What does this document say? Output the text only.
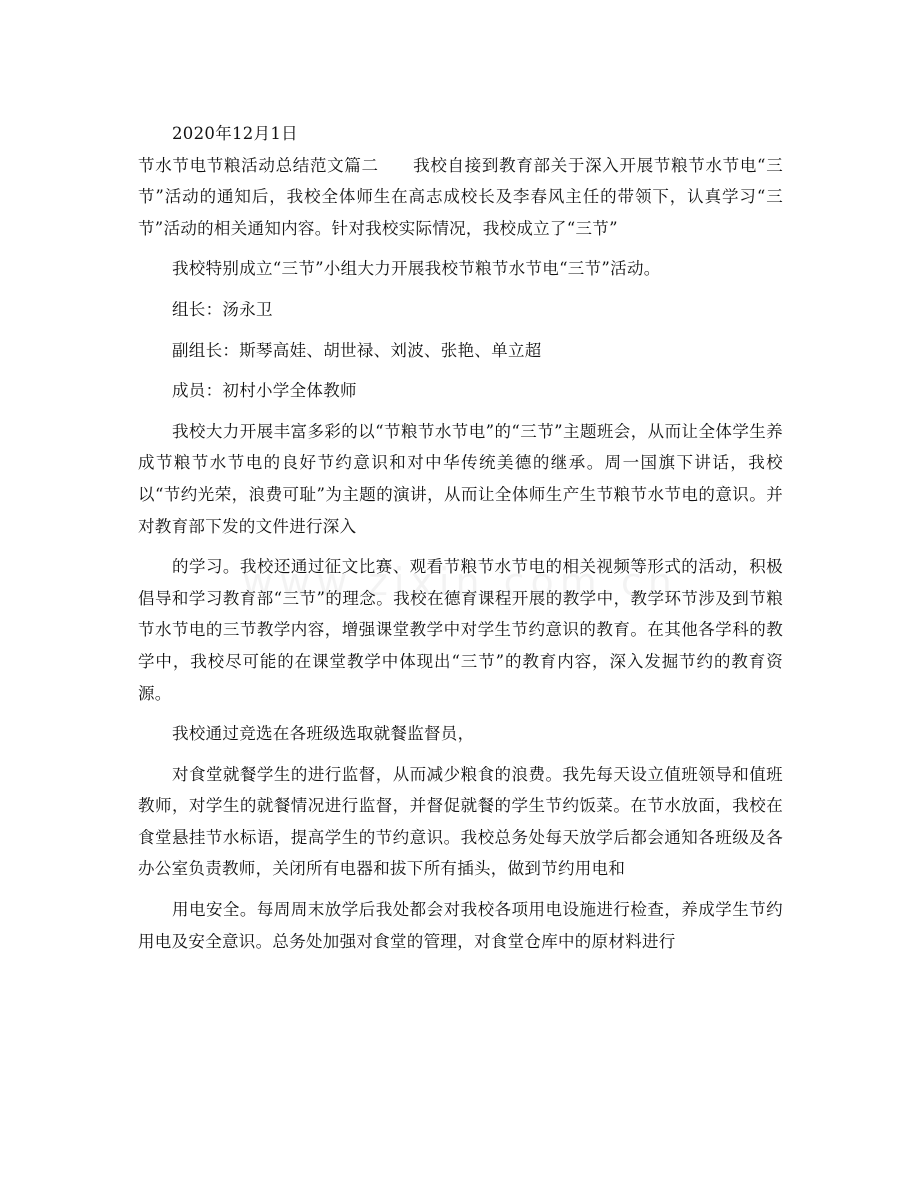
2020年12月1日

节水节电节粮活动总结范文篇二　　我校自接到教育部关于深入开展节粮节水节电“三节”活动的通知后，我校全体师生在高志成校长及李春风主任的带领下，认真学习“三节”活动的相关通知内容。针对我校实际情况，我校成立了“三节”

我校特别成立“三节”小组大力开展我校节粮节水节电“三节”活动。

组长：汤永卫

副组长：斯琴高娃、胡世禄、刘波、张艳、单立超

成员：初村小学全体教师

我校大力开展丰富多彩的以“节粮节水节电”的“三节”主题班会，从而让全体学生养成节粮节水节电的良好节约意识和对中华传统美德的继承。周一国旗下讲话，我校以“节约光荣，浪费可耻”为主题的演讲，从而让全体师生产生节粮节水节电的意识。并对教育部下发的文件进行深入

的学习。我校还通过征文比赛、观看节粮节水节电的相关视频等形式的活动，积极倡导和学习教育部“三节”的理念。我校在德育课程开展的教学中，教学环节涉及到节粮节水节电的三节教学内容，增强课堂教学中对学生节约意识的教育。在其他各学科的教学中，我校尽可能的在课堂教学中体现出“三节”的教育内容，深入发掘节约的教育资源。

我校通过竞选在各班级选取就餐监督员，

对食堂就餐学生的进行监督，从而减少粮食的浪费。我先每天设立值班领导和值班教师，对学生的就餐情况进行监督，并督促就餐的学生节约饭菜。在节水放面，我校在食堂悬挂节水标语，提高学生的节约意识。我校总务处每天放学后都会通知各班级及各办公室负责教师，关闭所有电器和拔下所有插头，做到节约用电和

用电安全。每周周末放学后我处都会对我校各项用电设施进行检查，养成学生节约用电及安全意识。总务处加强对食堂的管理，对食堂仓库中的原材料进行
